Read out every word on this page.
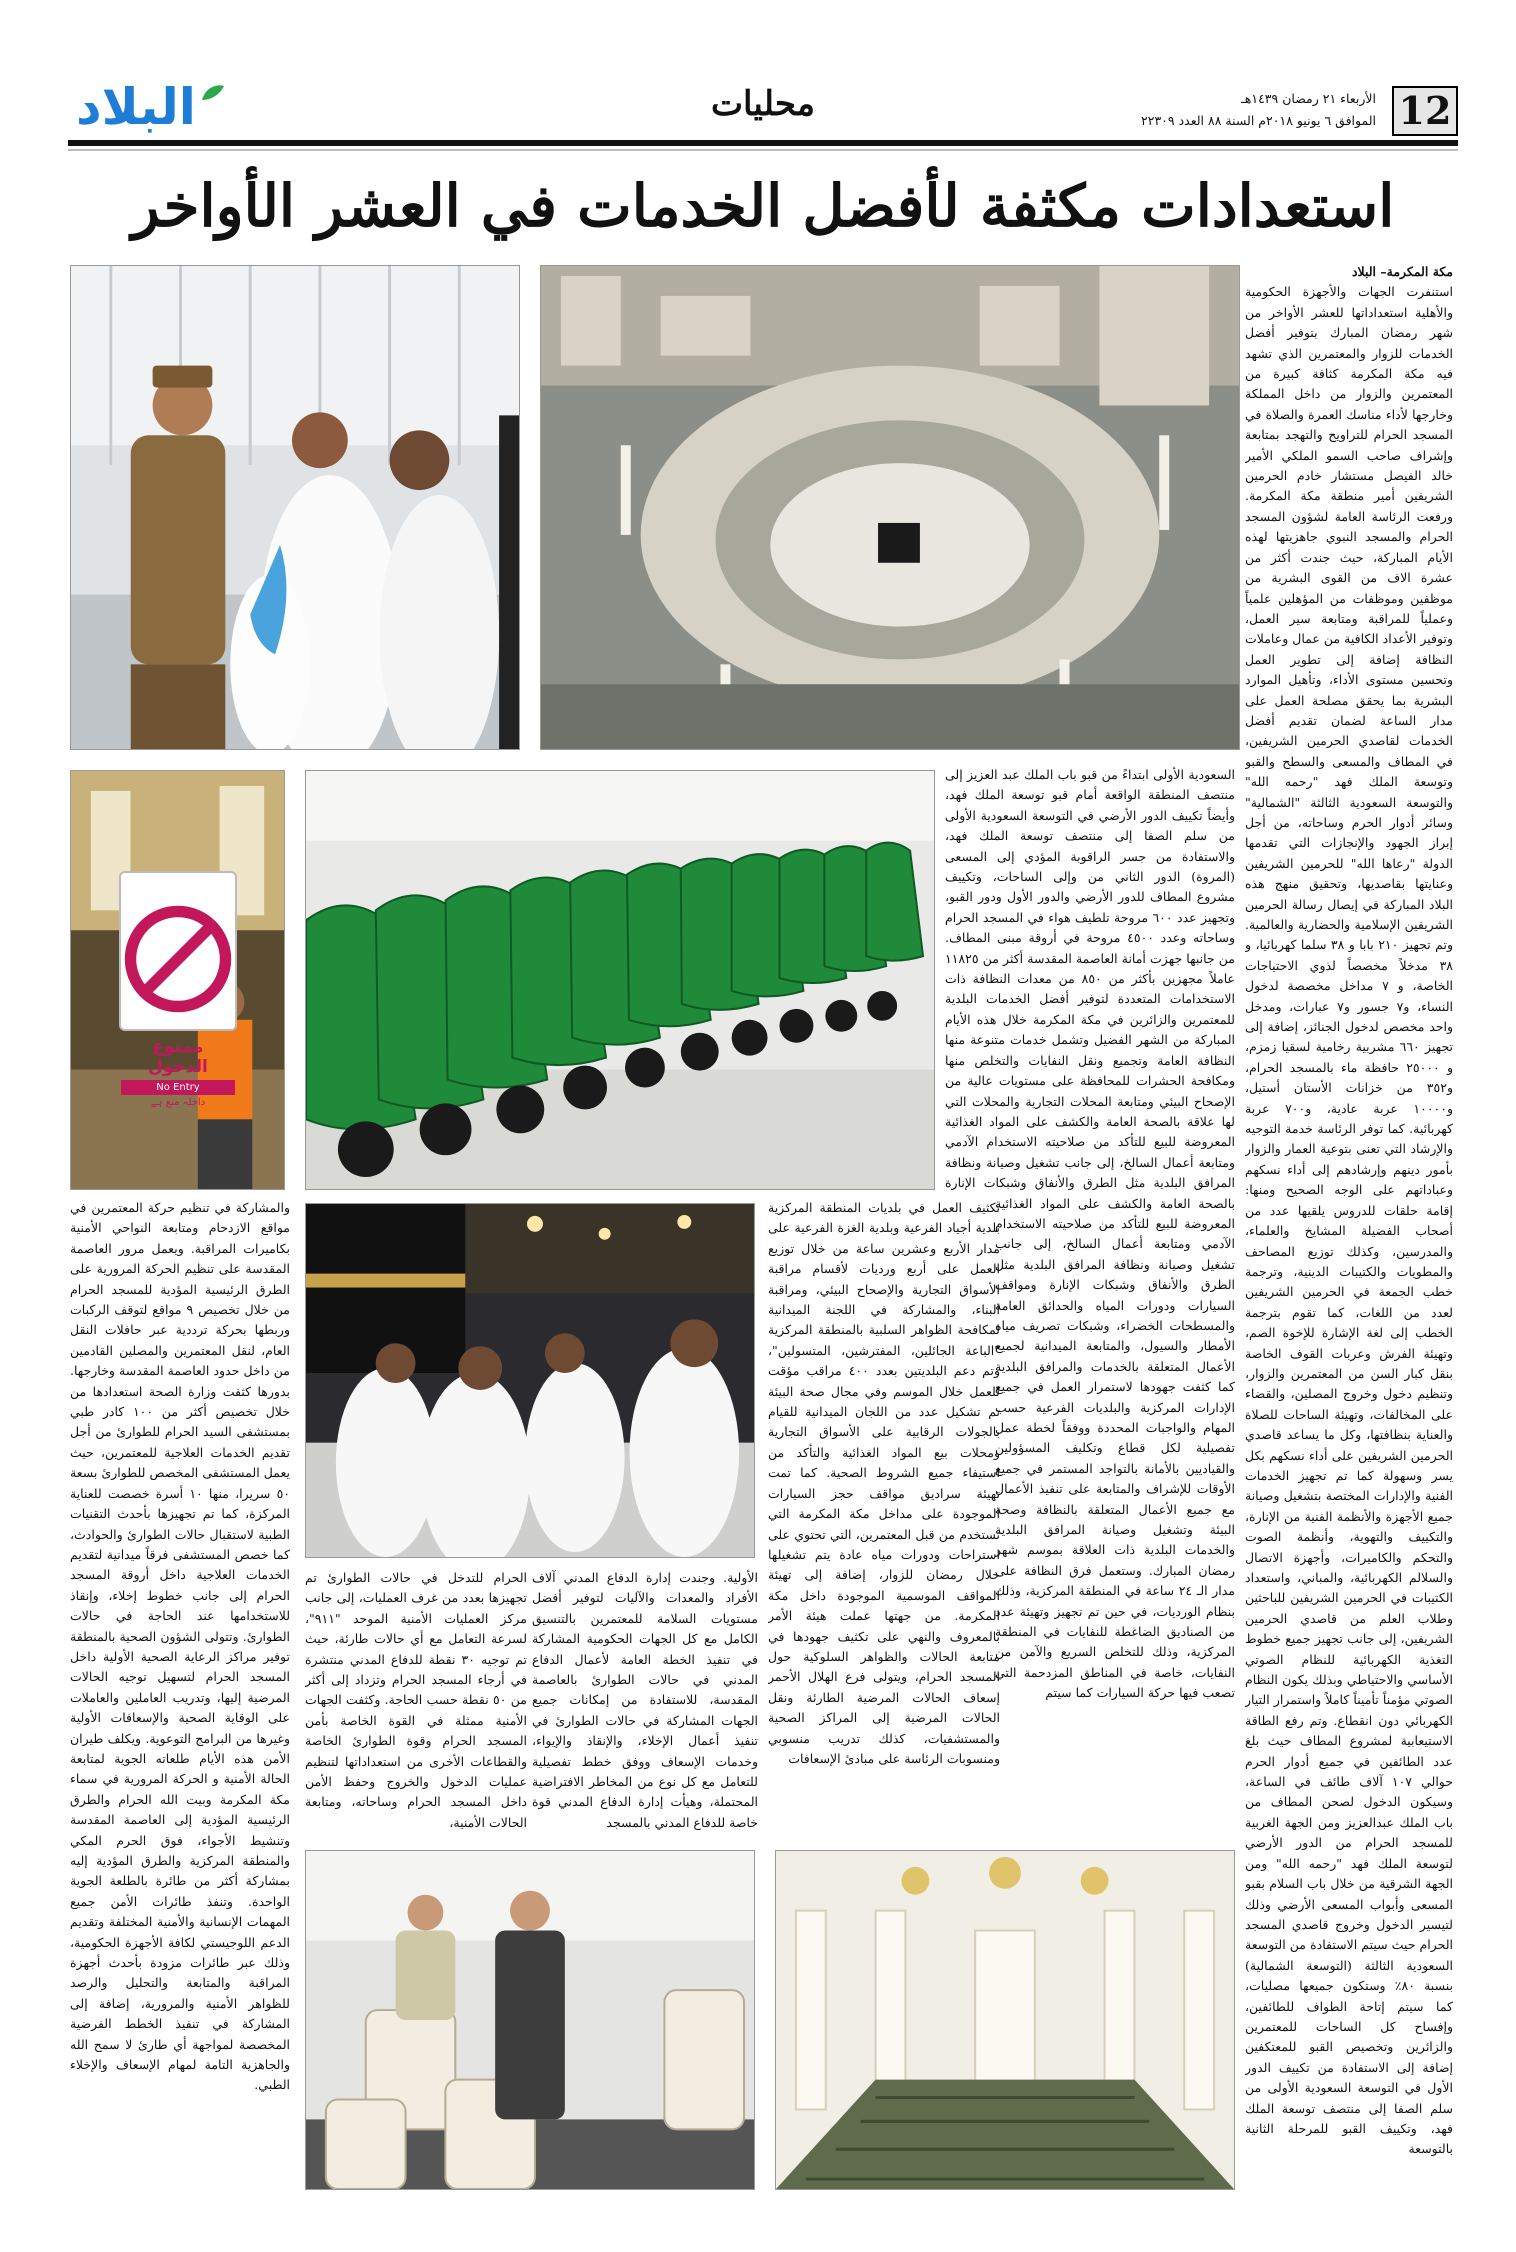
12
الأربعاء ٢١ رمضان ١٤٣٩هـ
الموافق ٦ يونيو ٢٠١٨م السنة ٨٨ العدد ٢٢٣٠٩
محليات
البلاد
استعدادات مكثفة لأفضل الخدمات في العشر الأواخر
ممنوع الدخول
No Entry
داخلہ منع ہے

مكة المكرمة– البلاد

استنفرت الجهات والأجهزة الحكومية والأهلية استعداداتها للعشر الأواخر من شهر رمضان المبارك بتوفير أفضل الخدمات للزوار والمعتمرين الذي تشهد فيه مكة المكرمة كثافة كبيرة من المعتمرين والزوار من داخل المملكة وخارجها لأداء مناسك العمرة والصلاة في المسجد الحرام للتراويح والتهجد بمتابعة وإشراف صاحب السمو الملكي الأمير خالد الفيصل مستشار خادم الحرمين الشريفين أمير منطقة مكة المكرمة. ورفعت الرئاسة العامة لشؤون المسجد الحرام والمسجد النبوي جاهزيتها لهذه الأيام المباركة، حيث جندت أكثر من عشرة الاف من القوى البشرية من موظفين وموظفات من المؤهلين علمياً وعملياً للمراقبة ومتابعة سير العمل، وتوفير الأعداد الكافية من عمال وعاملات النظافة إضافة إلى تطوير العمل وتحسين مستوى الأداء، وتأهيل الموارد البشرية بما يحقق مصلحة العمل على مدار الساعة لضمان تقديم أفضل الخدمات لقاصدي الحرمين الشريفين، في المطاف والمسعى والسطح والقبو وتوسعة الملك فهد "رحمه الله" والتوسعة السعودية الثالثة "الشمالية" وسائر أدوار الحرم وساحاته، من أجل إبراز الجهود والإنجازات التي تقدمها الدولة "رعاها الله" للحرمين الشريفين وعنايتها بقاصديها، وتحقيق منهج هذه البلاد المباركة في إيصال رسالة الحرمين الشريفين الإسلامية والحضارية والعالمية. وتم تجهيز ٢١٠ بابا و ٣٨ سلما كهربائيا، و ٣٨ مدخلاً مخصصاً لذوي الاحتياجات الخاصة، و ٧ مداخل مخصصة لدخول النساء، و٧ جسور و٧ عبارات، ومدخل واحد مخصص لدخول الجنائز، إضافة إلى تجهيز ٦٦٠ مشربية رخامية لسقيا زمزم، و ٢٥٠٠٠ حافظة ماء بالمسجد الحرام، و٣٥٢ من خزانات الأستان أستيل، و١٠٠٠٠ عربة عادية، و٧٠٠ عربة كهربائية. كما توفر الرئاسة خدمة التوجيه والإرشاد التي تعنى بتوعية العمار والزوار بأمور دينهم وإرشادهم إلى أداء نسكهم وعباداتهم على الوجه الصحيح ومنها: إقامة حلقات للدروس يلقيها عدد من أصحاب الفضيلة المشايخ والعلماء، والمدرسين، وكذلك توزيع المصاحف والمطويات والكتيبات الدينية، وترجمة خطب الجمعة في الحرمين الشريفين لعدد من اللغات، كما تقوم بترجمة الخطب إلى لغة الإشارة للإخوة الصم، وتهيئة الفرش وعربات القوف الخاصة بنقل كبار السن من المعتمرين والزوار، وتنظيم دخول وخروج المصلين، والقضاء على المخالفات، وتهيئة الساحات للصلاة والعناية بنظافتها، وكل ما يساعد قاصدي الحرمين الشريفين على أداء نسكهم بكل يسر وسهولة كما تم تجهيز الخدمات الفنية والإدارات المختصة بتشغيل وصيانة جميع الأجهزة والأنظمة الفنية من الإنارة، والتكييف والتهوية، وأنظمة الصوت والتحكم والكاميرات، وأجهزة الاتصال والسلالم الكهربائية، والمباني، واستعداد الكتيبات في الحرمين الشريفين للباحثين وطلاب العلم من قاصدي الحرمين الشريفين، إلى جانب تجهيز جميع خطوط التغذية الكهربائية للنظام الصوتي الأساسي والاحتياطي وبذلك يكون النظام الصوتي مؤمناً تأميناً كاملاً واستمرار التيار الكهربائي دون انقطاع. وتم رفع الطاقة الاستيعابية لمشروع المطاف حيث بلغ عدد الطائفين في جميع أدوار الحرم حوالي ١٠٧ آلاف طائف في الساعة، وسيكون الدخول لصحن المطاف من باب الملك عبدالعزيز ومن الجهة الغربية للمسجد الحرام من الدور الأرضي لتوسعة الملك فهد "رحمه الله" ومن الجهة الشرقية من خلال باب السلام بقبو المسعى وأبواب المسعى الأرضي وذلك لتيسير الدخول وخروج قاصدي المسجد الحرام حيث سيتم الاستفادة من التوسعة السعودية الثالثة (التوسعة الشمالية) بنسبة ٨٠٪ وستكون جميعها مصليات، كما سيتم إتاحة الطواف للطائفين، وإفساح كل الساحات للمعتمرين والزائرين وتخصيص القبو للمعتكفين إضافة إلى الاستفادة من تكييف الدور الأول في التوسعة السعودية الأولى من سلم الصفا إلى منتصف توسعة الملك فهد، وتكييف القبو للمرحلة الثانية بالتوسعة

السعودية الأولى ابتداءً من قبو باب الملك عبد العزيز إلى منتصف المنطقة الواقعة أمام قبو توسعة الملك فهد، وأيضاً تكييف الدور الأرضي في التوسعة السعودية الأولى من سلم الصفا إلى منتصف توسعة الملك فهد، والاستفادة من جسر الراقوبة المؤدي إلى المسعى (المروة) الدور الثاني من وإلى الساحات، وتكييف مشروع المطاف للدور الأرضي والدور الأول ودور القبو، وتجهيز عدد ٦٠٠ مروحة تلطيف هواء في المسجد الحرام وساحاته وعدد ٤٥٠٠ مروحة في أروقة مبنى المطاف. من جانبها جهزت أمانة العاصمة المقدسة أكثر من ١١٨٢٥ عاملاً مجهزين بأكثر من ٨٥٠ من معدات النظافة ذات الاستخدامات المتعددة لتوفير أفضل الخدمات البلدية للمعتمرين والزائرين في مكة المكرمة خلال هذه الأيام المباركة من الشهر الفضيل وتشمل خدمات متنوعة منها النظافة العامة وتجميع ونقل النفايات والتخلص منها ومكافحة الحشرات للمحافظة على مستويات عالية من الإصحاح البيئي ومتابعة المحلات التجارية والمحلات التي لها علاقة بالصحة العامة والكشف على المواد الغذائية المعروضة للبيع للتأكد من صلاحيته الاستخدام الآدمي ومتابعة أعمال السالخ، إلى جانب تشغيل وصيانة ونظافة المرافق البلدية مثل الطرق والأنفاق وشبكات الإنارة

بالصحة العامة والكشف على المواد الغذائية المعروضة للبيع للتأكد من صلاحيته الاستخدام الآدمي ومتابعة أعمال السالخ، إلى جانب تشغيل وصيانة ونظافة المرافق البلدية مثل الطرق والأنفاق وشبكات الإنارة ومواقف السيارات ودورات المياه والحدائق العامة والمسطحات الخضراء، وشبكات تصريف مياه الأمطار والسيول، والمتابعة الميدانية لجميع الأعمال المتعلقة بالخدمات والمرافق البلدية كما كثفت جهودها لاستمرار العمل في جميع الإدارات المركزية والبلديات الفرعية حسب المهام والواجبات المحددة ووفقاً لخطة عمل تفصيلية لكل قطاع وتكليف المسؤولين والقياديين بالأمانة بالتواجد المستمر في جميع الأوقات للإشراف والمتابعة على تنفيذ الأعمال مع جميع الأعمال المتعلقة بالنظافة وصحة البيئة وتشغيل وصيانة المرافق البلدية والخدمات البلدية ذات العلاقة بموسم شهر رمضان المبارك. وستعمل فرق النظافة على مدار الـ ٢٤ ساعة في المنطقة المركزية، وذلك بنظام الورديات، في حين تم تجهيز وتهيئة عدد من الصناديق الضاغطة للنفايات في المنطقة المركزية، وذلك للتخلص السريع والآمن من النفايات، خاصة في المناطق المزدحمة التي تصعب فيها حركة السيارات كما سيتم

تكثيف العمل في بلديات المنطقة المركزية بلدية أجياد الفرعية وبلدية الغزة الفرعية على مدار الأربع وعشرين ساعة من خلال توزيع العمل على أربع ورديات لأقسام مراقبة الأسواق التجارية والإصحاح البيئي، ومراقبة البناء، والمشاركة في اللجنة الميدانية لمكافحة الظواهر السلبية بالمنطقة المركزية "الباعة الجائلين، المفترشين، المتسولين"، وتم دعم البلديتين بعدد ٤٠٠ مراقب مؤقت للعمل خلال الموسم وفي مجال صحة البيئة تم تشكيل عدد من اللجان الميدانية للقيام بالجولات الرقابية على الأسواق التجارية ومحلات بيع المواد الغذائية والتأكد من استيفاء جميع الشروط الصحية. كما تمت تهيئة سراديق مواقف حجز السيارات الموجودة على مداخل مكة المكرمة التي تستخدم من قبل المعتمرين، التي تحتوي على استراحات ودورات مياه عادة يتم تشغيلها خلال رمضان للزوار، إضافة إلى تهيئة المواقف الموسمية الموجودة داخل مكة المكرمة. من جهتها عملت هيئة الأمر بالمعروف والنهي على تكثيف جهودها في متابعة الحالات والظواهر السلوكية حول المسجد الحرام، ويتولى فرع الهلال الأحمر إسعاف الحالات المرضية الطارئة ونقل الحالات المرضية إلى المراكز الصحية والمستشفيات، كذلك تدريب منسوبي ومنسوبات الرئاسة على مبادئ الإسعافات

الأولية. وجندت إدارة الدفاع المدني آلاف الأفراد والمعدات والآليات لتوفير أفضل مستويات السلامة للمعتمرين بالتنسيق الكامل مع كل الجهات الحكومية المشاركة في تنفيذ الخطة العامة لأعمال الدفاع المدني في حالات الطوارئ بالعاصمة المقدسة، للاستفادة من إمكانات جميع الجهات المشاركة في حالات الطوارئ في تنفيذ أعمال الإخلاء، والإنقاذ والإيواء، وخدمات الإسعاف ووفق خطط تفصيلية للتعامل مع كل نوع من المخاطر الافتراضية المحتملة، وهيأت إدارة الدفاع المدني قوة خاصة للدفاع المدني بالمسجد

الحرام للتدخل في حالات الطوارئ تم تجهيزها بعدد من غرف العمليات، إلى جانب مركز العمليات الأمنية الموحد "٩١١"، لسرعة التعامل مع أي حالات طارئة، حيث تم توجيه ٣٠ نقطة للدفاع المدني منتشرة في أرجاء المسجد الحرام وتزداد إلى أكثر من ٥٠ نقطة حسب الحاجة. وكثفت الجهات الأمنية ممثلة في القوة الخاصة بأمن المسجد الحرام وقوة الطوارئ الخاصة والقطاعات الأخرى من استعداداتها لتنظيم عمليات الدخول والخروج وحفظ الأمن داخل المسجد الحرام وساحاته، ومتابعة الحالات الأمنية،

والمشاركة في تنظيم حركة المعتمرين في مواقع الازدحام ومتابعة النواحي الأمنية بكاميرات المراقبة. ويعمل مرور العاصمة المقدسة على تنظيم الحركة المرورية على الطرق الرئيسية المؤدية للمسجد الحرام من خلال تخصيص ٩ مواقع لتوقف الركبات وربطها بحركة ترددية عبر حافلات النقل العام، لنقل المعتمرين والمصلين القادمين من داخل حدود العاصمة المقدسة وخارجها. بدورها كثفت وزارة الصحة استعدادها من خلال تخصيص أكثر من ١٠٠ كادر طبي بمستشفى السيد الحرام للطوارئ من أجل تقديم الخدمات العلاجية للمعتمرين، حيث يعمل المستشفى المخصص للطوارئ بسعة ٥٠ سريرا، منها ١٠ أسرة خصصت للعناية المركزة، كما تم تجهيزها بأحدث التقنيات الطبية لاستقبال حالات الطوارئ والحوادث، كما خصص المستشفى فرقاً ميدانية لتقديم الخدمات العلاجية داخل أروقة المسجد الحرام إلى جانب خطوط إخلاء، وإنقاذ للاستخدامها عند الحاجة في حالات الطوارئ. وتتولى الشؤون الصحية بالمنطقة توفير مراكز الرعاية الصحية الأولية داخل المسجد الحرام لتسهيل توجيه الحالات المرضية إليها، وتدريب العاملين والعاملات على الوقاية الصحية والإسعافات الأولية وغيرها من البرامج التوعوية. ويكلف طيران الأمن هذه الأيام طلعاته الجوية لمتابعة الحالة الأمنية و الحركة المرورية في سماء مكة المكرمة وبيت الله الحرام والطرق الرئيسية المؤدية إلى العاصمة المقدسة وتنشيط الأجواء، فوق الحرم المكي والمنطقة المركزية والطرق المؤدية إليه بمشاركة أكثر من طائرة بالطلعة الجوية الواحدة. وتنفذ طائرات الأمن جميع المهمات الإنسانية والأمنية المختلفة وتقديم الدعم اللوجيستي لكافة الأجهزة الحكومية، وذلك عبر طائرات مزودة بأحدث أجهزة المراقبة والمتابعة والتحليل والرصد للظواهر الأمنية والمرورية، إضافة إلى المشاركة في تنفيذ الخطط الفرضية المخصصة لمواجهة أي طارئ لا سمح الله والجاهزية التامة لمهام الإسعاف والإخلاء الطبي.
